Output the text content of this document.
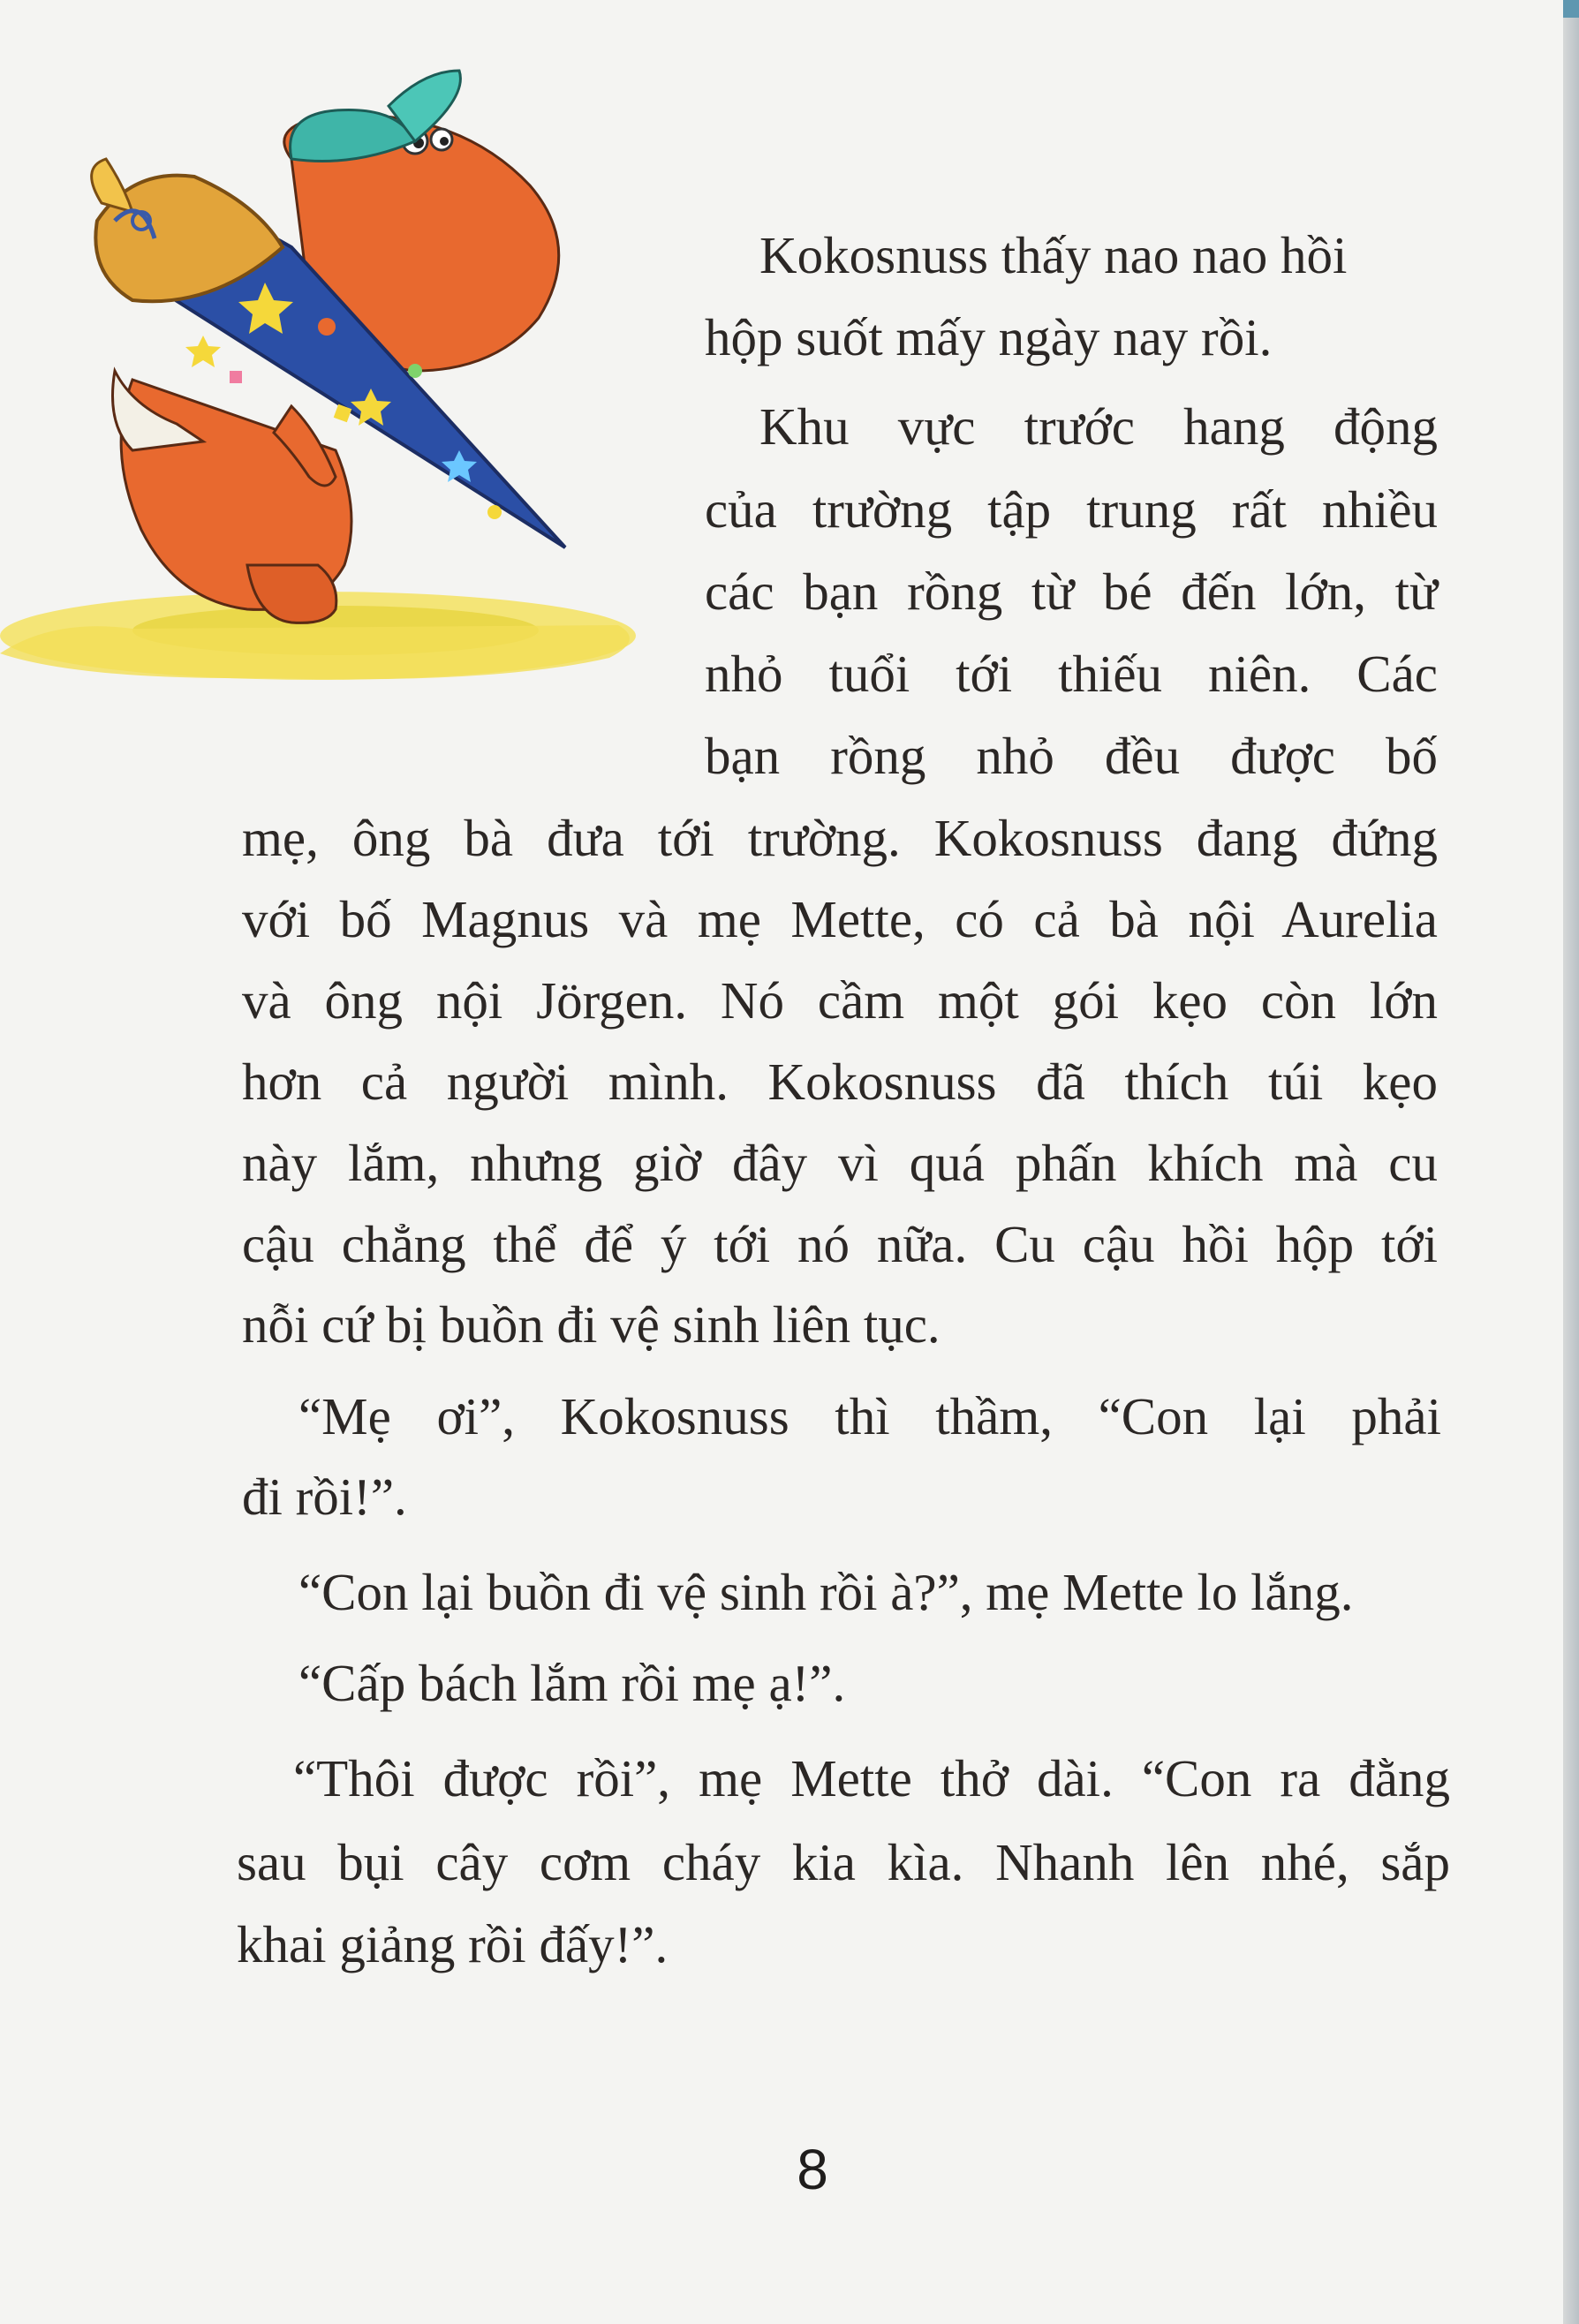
Kokosnuss thấy nao nao hồi
hộp suốt mấy ngày nay rồi.
Khu vực trước hang động
của trường tập trung rất nhiều
các bạn rồng từ bé đến lớn, từ
nhỏ tuổi tới thiếu niên. Các
bạn rồng nhỏ đều được bố
mẹ, ông bà đưa tới trường. Kokosnuss đang đứng
với bố Magnus và mẹ Mette, có cả bà nội Aurelia
và ông nội Jörgen. Nó cầm một gói kẹo còn lớn
hơn cả người mình. Kokosnuss đã thích túi kẹo
này lắm, nhưng giờ đây vì quá phấn khích mà cu
cậu chẳng thể để ý tới nó nữa. Cu cậu hồi hộp tới
nỗi cứ bị buồn đi vệ sinh liên tục.
“Mẹ ơi”, Kokosnuss thì thầm, “Con lại phải
đi rồi!”.
“Con lại buồn đi vệ sinh rồi à?”, mẹ Mette lo lắng.
“Cấp bách lắm rồi mẹ ạ!”.
“Thôi được rồi”, mẹ Mette thở dài. “Con ra đằng
sau bụi cây cơm cháy kia kìa. Nhanh lên nhé, sắp
khai giảng rồi đấy!”.
8
